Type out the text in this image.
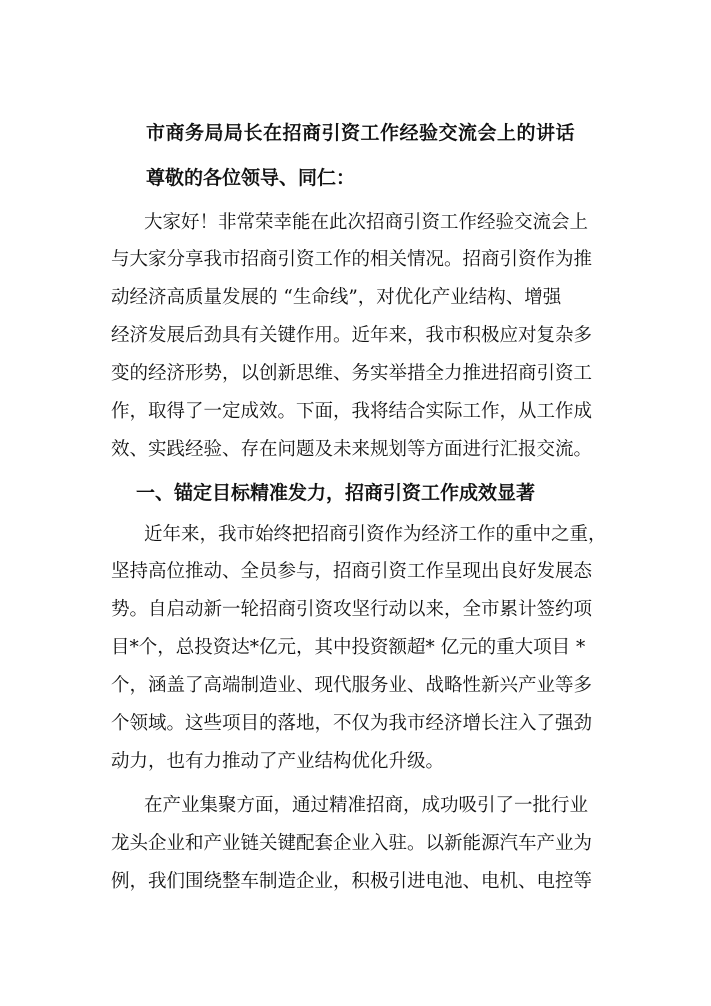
市商务局局长在招商引资工作经验交流会上的讲话
尊敬的各位领导、同仁：
大家好！非常荣幸能在此次招商引资工作经验交流会上
与大家分享我市招商引资工作的相关情况。招商引资作为推
动经济高质量发展的 “生命线”，对优化产业结构、增强
经济发展后劲具有关键作用。近年来，我市积极应对复杂多
变的经济形势，以创新思维、务实举措全力推进招商引资工
作，取得了一定成效。下面，我将结合实际工作，从工作成
效、实践经验、存在问题及未来规划等方面进行汇报交流。
一、锚定目标精准发力，招商引资工作成效显著
近年来，我市始终把招商引资作为经济工作的重中之重，
坚持高位推动、全员参与，招商引资工作呈现出良好发展态
势。自启动新一轮招商引资攻坚行动以来，全市累计签约项
目*个，总投资达*亿元，其中投资额超* 亿元的重大项目 *
个，涵盖了高端制造业、现代服务业、战略性新兴产业等多
个领域。这些项目的落地，不仅为我市经济增长注入了强劲
动力，也有力推动了产业结构优化升级。
在产业集聚方面，通过精准招商，成功吸引了一批行业
龙头企业和产业链关键配套企业入驻。以新能源汽车产业为
例，我们围绕整车制造企业，积极引进电池、电机、电控等
